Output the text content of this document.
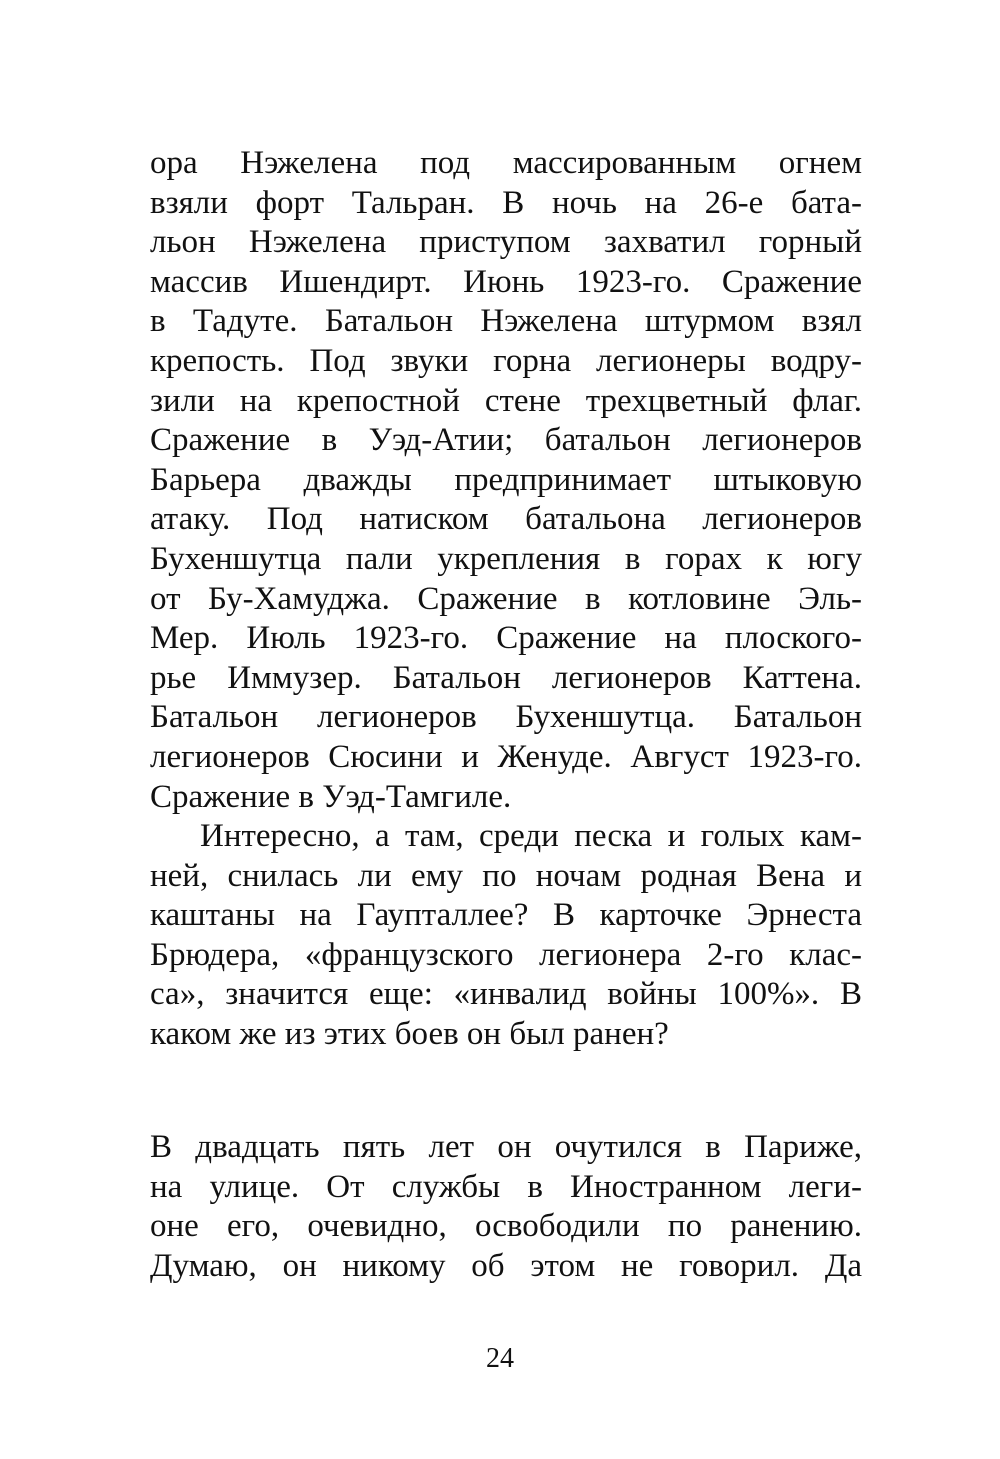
ора Нэжелена под массированным огнем
взяли форт Тальран. В ночь на 26-е бата-
льон Нэжелена приступом захватил горный
массив Ишендирт. Июнь 1923-го. Сражение
в Тадуте. Батальон Нэжелена штурмом взял
крепость. Под звуки горна легионеры водру-
зили на крепостной стене трехцветный флаг.
Сражение в Уэд-Атии; батальон легионеров
Барьера дважды предпринимает штыковую
атаку. Под натиском батальона легионеров
Бухеншутца пали укрепления в горах к югу
от Бу-Хамуджа. Сражение в котловине Эль-
Мер. Июль 1923-го. Сражение на плоского-
рье Иммузер. Батальон легионеров Каттена.
Батальон легионеров Бухеншутца. Батальон
легионеров Сюсини и Женуде. Август 1923-го.
Сражение в Уэд-Тамгиле.
Интересно, а там, среди песка и голых кам-
ней, снилась ли ему по ночам родная Вена и
каштаны на Гаупталлее? В карточке Эрнеста
Брюдера, «французского легионера 2-го клас-
са», значится еще: «инвалид войны 100%». В
каком же из этих боев он был ранен?
В двадцать пять лет он очутился в Париже,
на улице. От службы в Иностранном леги-
оне его, очевидно, освободили по ранению.
Думаю, он никому об этом не говорил. Да
24
